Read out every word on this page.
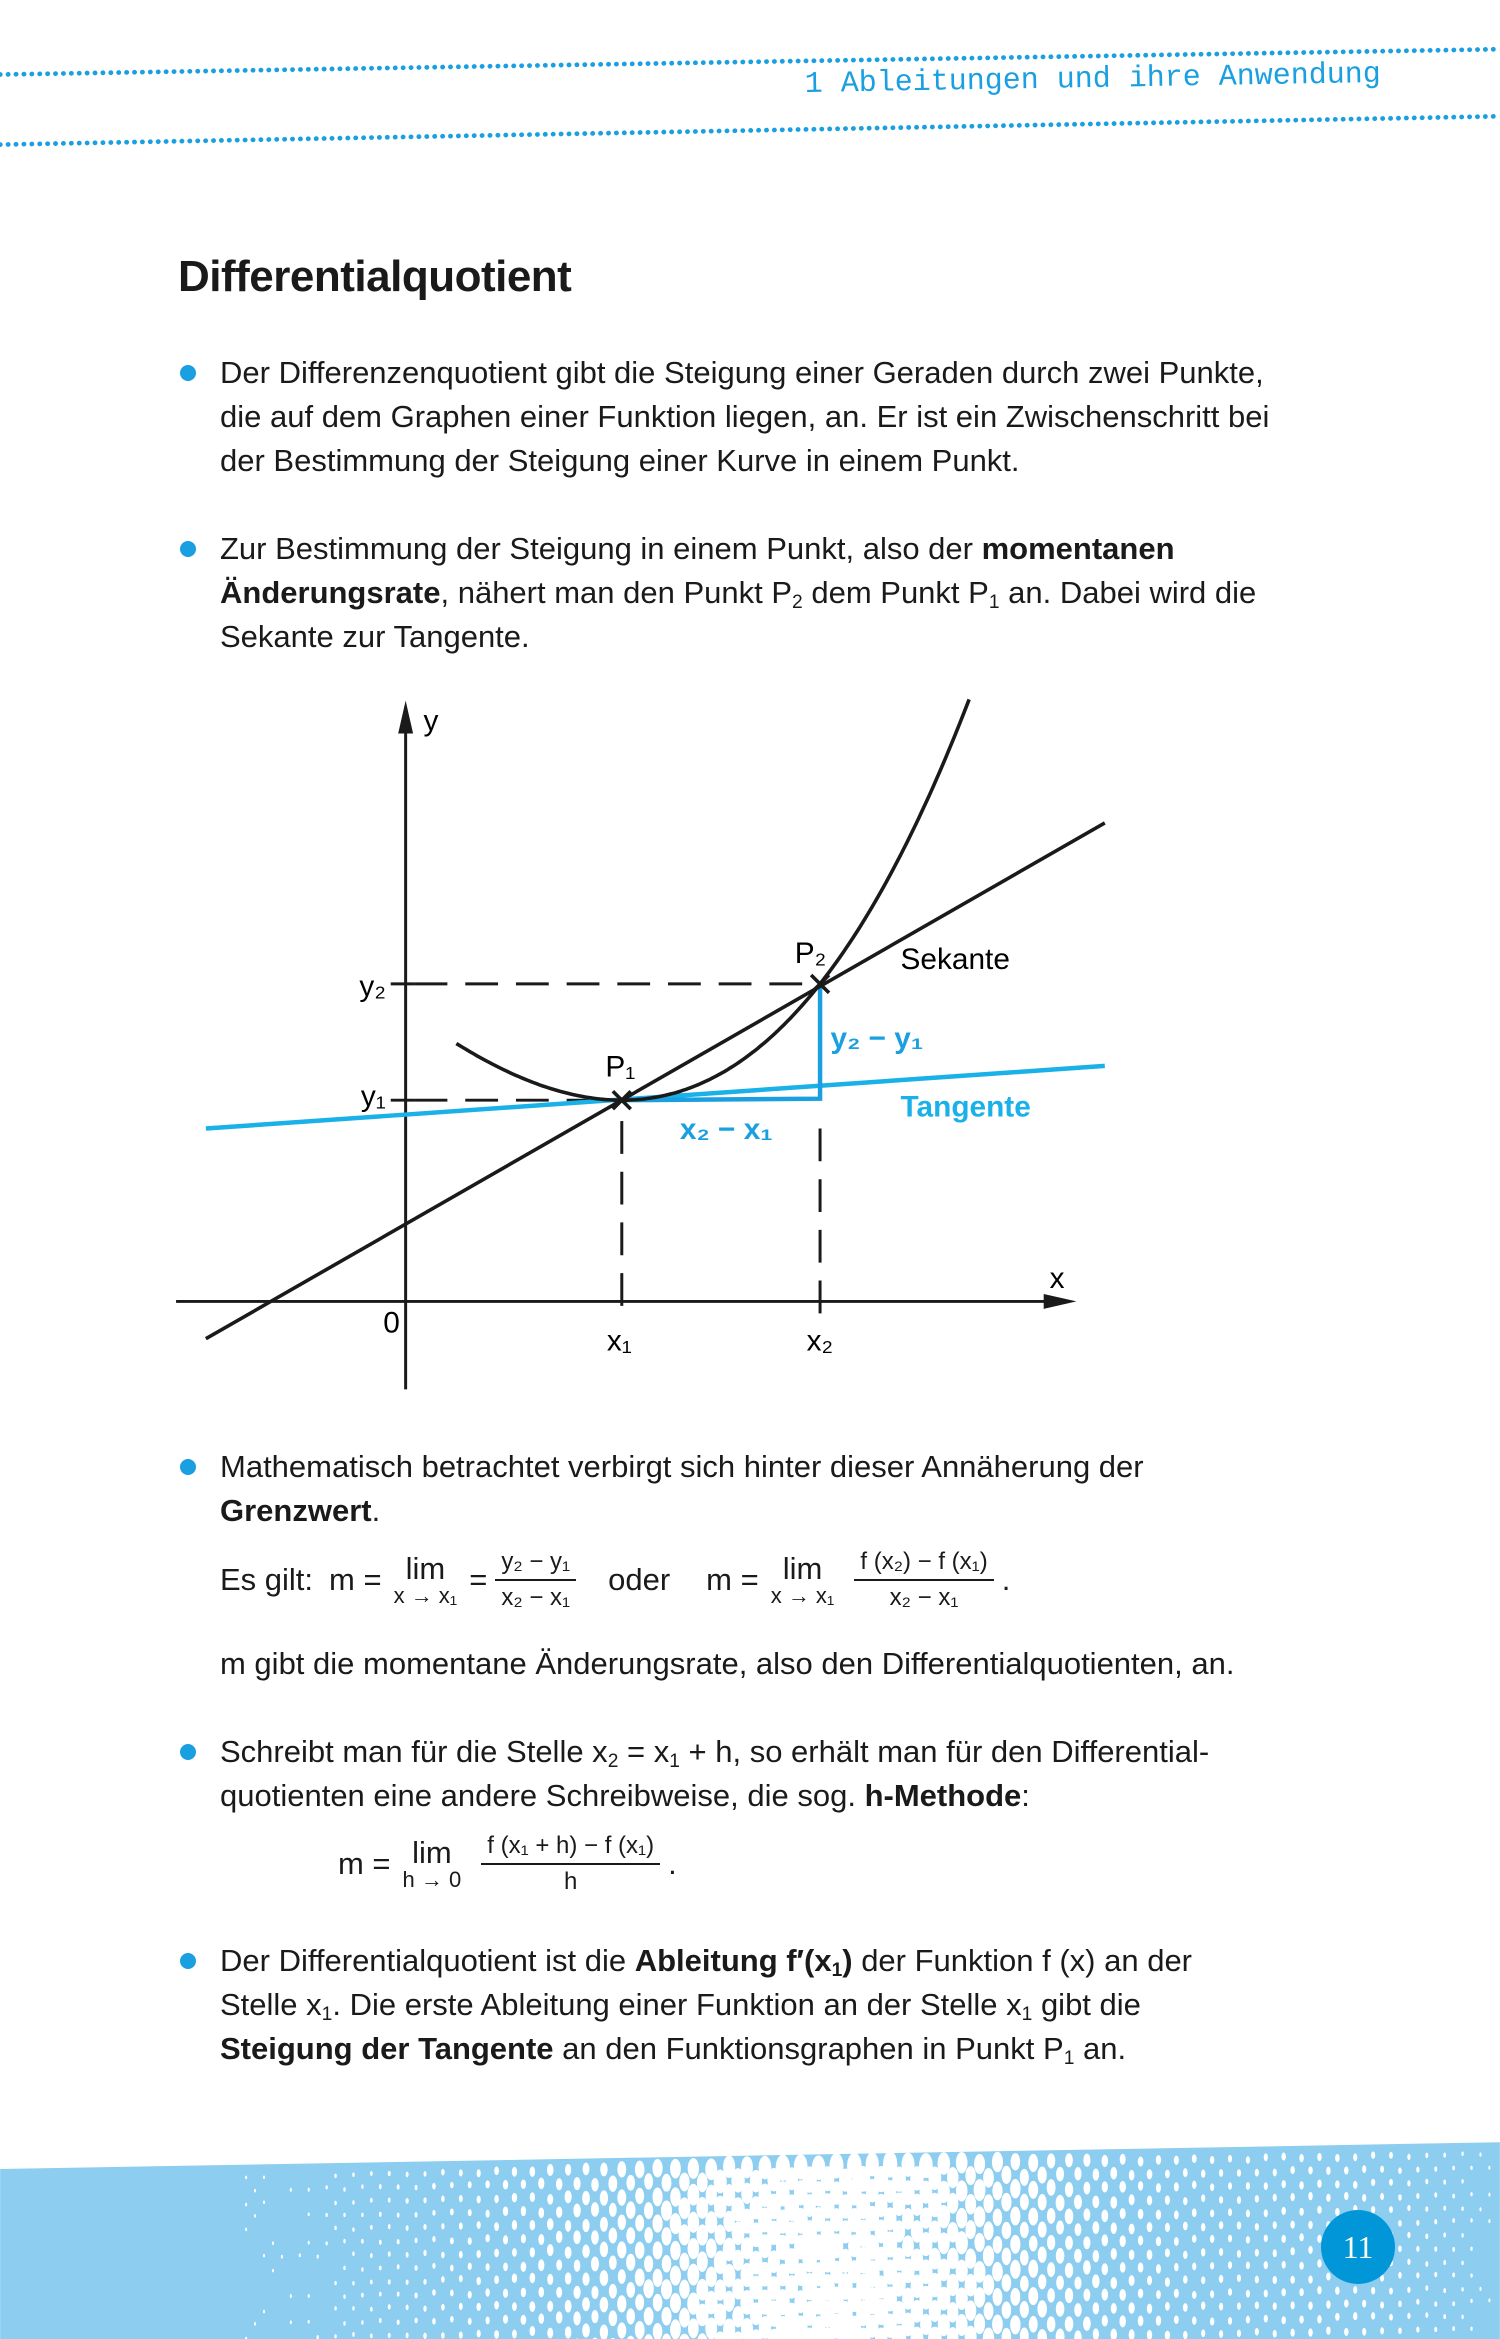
y
x
0
x₁	x₂
y₁
y₂
P₁
P₂	Sekante
Tangente
y₂ − y₁
x₂ − x₁
1 Ableitungen und ihre Anwendung
Differentialquotient
Der Differenzenquotient gibt die Steigung einer Geraden durch zwei Punkte,
die auf dem Graphen einer Funktion liegen, an. Er ist ein Zwischenschritt bei
der Bestimmung der Steigung einer Kurve in einem Punkt.
Zur Bestimmung der Steigung in einem Punkt, also der momentanen
Änderungsrate, nähert man den Punkt $P_2$ dem Punkt $P_1$ an. Dabei wird die
Sekante zur Tangente.
Mathematisch betrachtet verbirgt sich hinter dieser Annäherung der
Grenzwert.
Es gilt: m = lim
$x \to x_1 = \frac{\text{y₂ − y₁}}{\text{x₂ − x₁}}$ oder m = lim
$x \to x_1 \frac{\text{f (x₂) − f (x₁)}}{\text{x₂ − x₁}}$ .
m gibt die momentane Änderungsrate, also den Differentialquotienten, an.
Schreibt man für die Stelle $x_2 = x_1 + h$, so erhält man für den Differential-
quotienten eine andere Schreibweise, die sog. h-Methode:
m = lim
$h \to 0 \frac{\text{f (x₁ + h) − f (x₁)}}{h}$ .
Der Differentialquotient ist die Ableitung $f'(x_1)$ der Funktion f (x) an der
Stelle $x_1$. Die erste Ableitung einer Funktion an der Stelle $x_1$ gibt die
Steigung der Tangente an den Funktionsgraphen in Punkt $P_1$ an.
11
